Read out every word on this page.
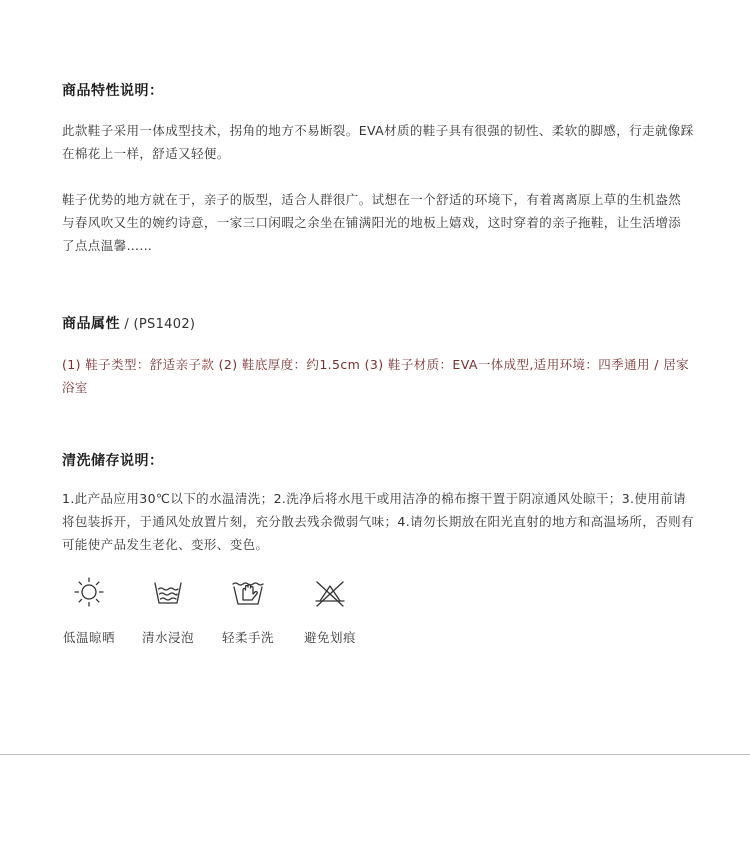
商品特性说明：

此款鞋子采用一体成型技术，拐角的地方不易断裂。EVA材质的鞋子具有很强的韧性、柔软的脚感，行走就像踩在棉花上一样，舒适又轻便。

鞋子优势的地方就在于，亲子的版型，适合人群很广。试想在一个舒适的环境下，有着离离原上草的生机盎然与春风吹又生的婉约诗意，一家三口闲暇之余坐在铺满阳光的地板上嬉戏，这时穿着的亲子拖鞋，让生活增添了点点温馨……

商品属性 / (PS1402)

(1) 鞋子类型：舒适亲子款 (2) 鞋底厚度：约1.5cm (3) 鞋子材质：EVA一体成型,适用环境：四季通用 / 居家浴室

清洗储存说明：

1.此产品应用30℃以下的水温清洗；2.洗净后将水甩干或用洁净的棉布擦干置于阴凉通风处晾干；3.使用前请将包装拆开，于通风处放置片刻，充分散去残余微弱气味；4.请勿长期放在阳光直射的地方和高温场所，否则有可能使产品发生老化、变形、变色。

低温晾晒	清水浸泡	轻柔手洗	避免划痕
